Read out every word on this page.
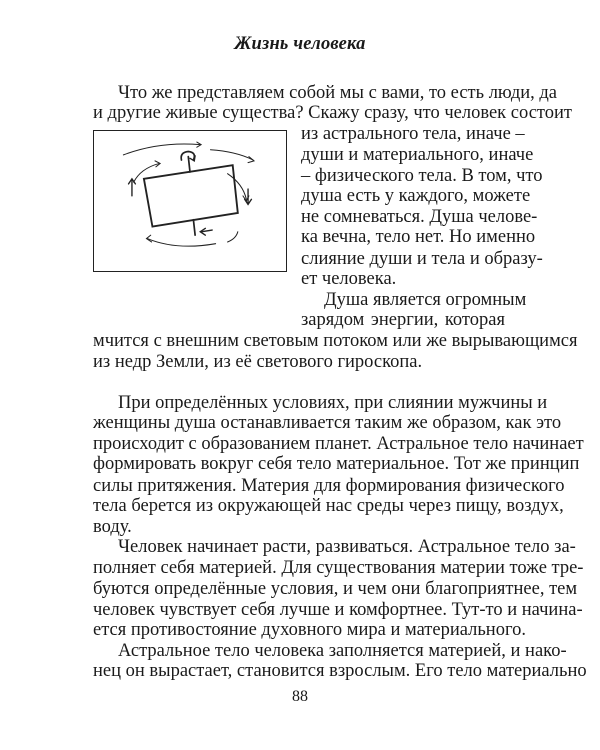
Жизнь человека
Что же представляем собой мы с вами, то есть люди, да
и другие живые существа? Скажу сразу, что человек состоит
из астрального тела, иначе –
души и материального, иначе
– физического тела. В том, что
душа есть у каждого, можете
не сомневаться. Душа челове-
ка вечна, тело нет. Но именно
слияние души и тела и образу-
ет человека.
Душа является огромным
зарядом энергии, которая
мчится с внешним световым потоком или же вырывающимся
из недр Земли, из её светового гироскопа.
При определённых условиях, при слиянии мужчины и
женщины душа останавливается таким же образом, как это
происходит с образованием планет. Астральное тело начинает
формировать вокруг себя тело материальное. Тот же принцип
силы притяжения. Материя для формирования физического
тела берется из окружающей нас среды через пищу, воздух,
воду.
Человек начинает расти, развиваться. Астральное тело за-
полняет себя материей. Для существования материи тоже тре-
буются определённые условия, и чем они благоприятнее, тем
человек чувствует себя лучше и комфортнее. Тут-то и начина-
ется противостояние духовного мира и материального.
Астральное тело человека заполняется материей, и нако-
нец он вырастает, становится взрослым. Его тело материально
88
